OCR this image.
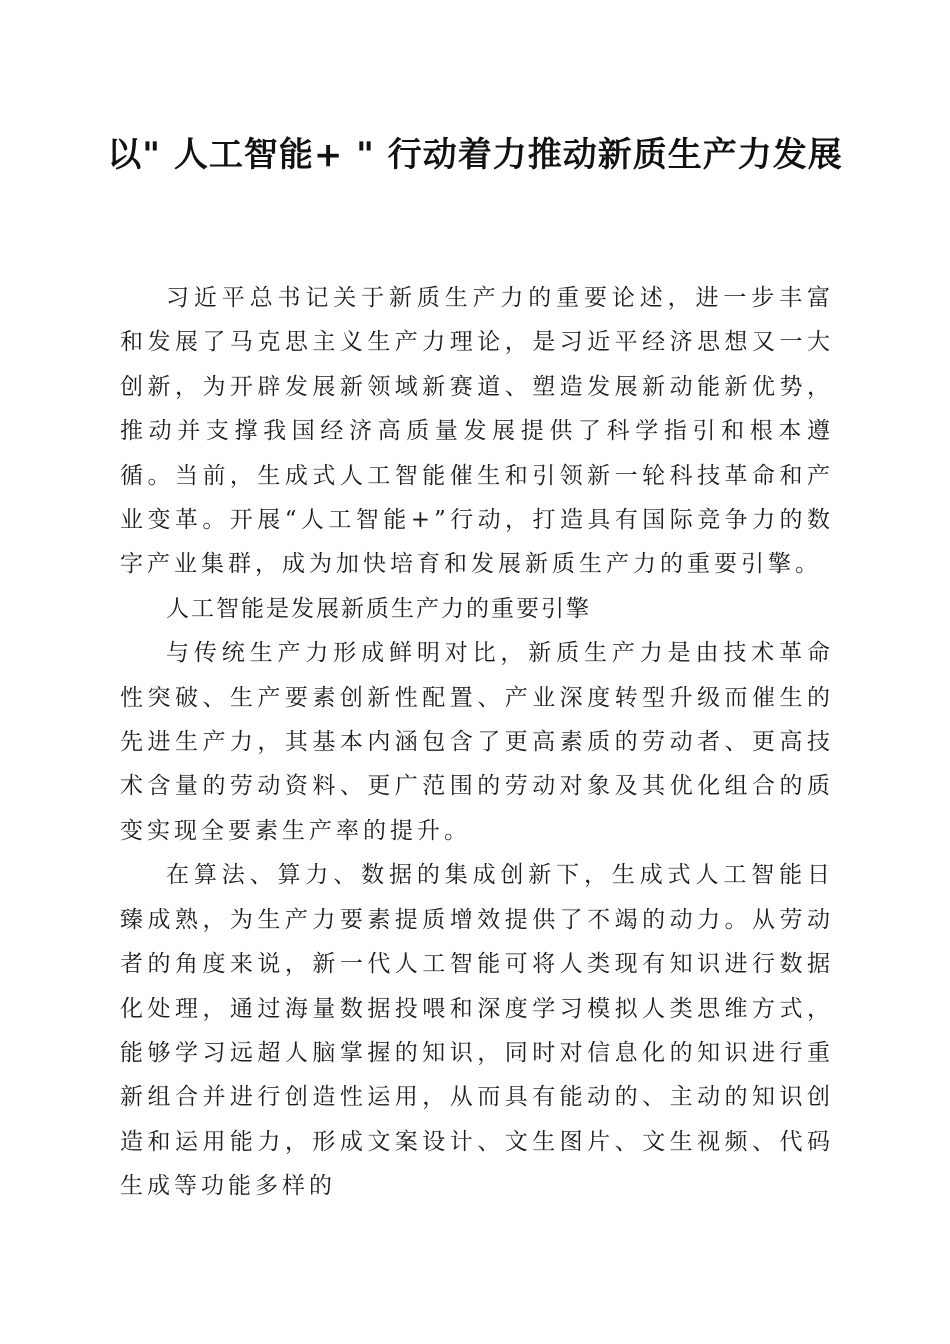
以" 人工智能+ " 行动着力推动新质生产力发展

习近平总书记关于新质生产力的重要论述，进一步丰富和发展了马克思主义生产力理论，是习近平经济思想又一大创新，为开辟发展新领域新赛道、塑造发展新动能新优势，推动并支撑我国经济高质量发展提供了科学指引和根本遵循。当前，生成式人工智能催生和引领新一轮科技革命和产业变革。开展“人工智能+”行动，打造具有国际竞争力的数字产业集群，成为加快培育和发展新质生产力的重要引擎。

人工智能是发展新质生产力的重要引擎

与传统生产力形成鲜明对比，新质生产力是由技术革命性突破、生产要素创新性配置、产业深度转型升级而催生的先进生产力，其基本内涵包含了更高素质的劳动者、更高技术含量的劳动资料、更广范围的劳动对象及其优化组合的质变实现全要素生产率的提升。

在算法、算力、数据的集成创新下，生成式人工智能日臻成熟，为生产力要素提质增效提供了不竭的动力。从劳动者的角度来说，新一代人工智能可将人类现有知识进行数据化处理，通过海量数据投喂和深度学习模拟人类思维方式，能够学习远超人脑掌握的知识，同时对信息化的知识进行重新组合并进行创造性运用，从而具有能动的、主动的知识创造和运用能力，形成文案设计、文生图片、文生视频、代码生成等功能多样的
